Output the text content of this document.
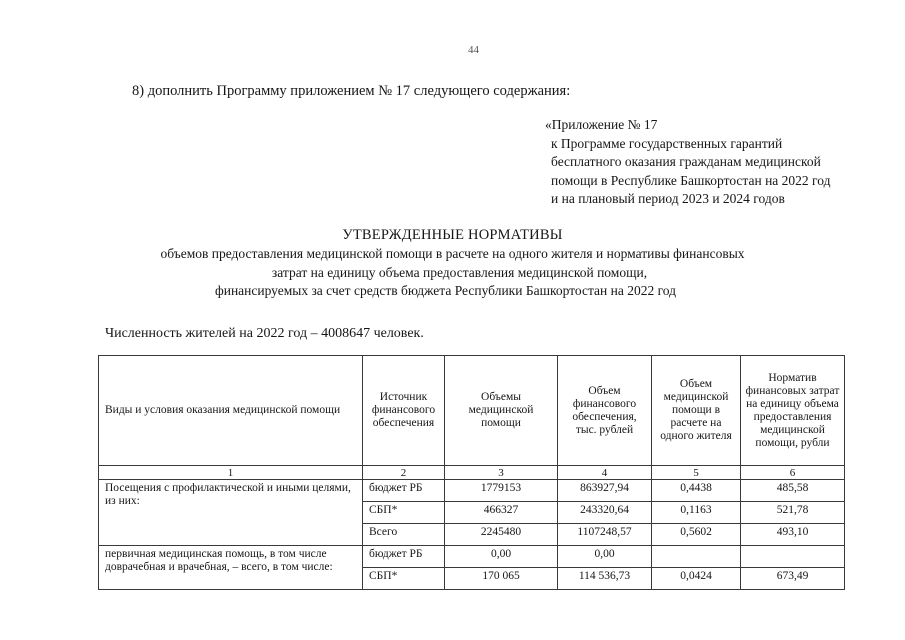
44
8) дополнить Программу приложением № 17 следующего содержания:
«Приложение № 17
к Программе государственных гарантий
бесплатного оказания гражданам медицинской
помощи в Республике Башкортостан на 2022 год
и на плановый период 2023 и 2024 годов
УТВЕРЖДЕННЫЕ НОРМАТИВЫ
объемов предоставления медицинской помощи в расчете на одного жителя и нормативы финансовых
затрат на единицу объема предоставления медицинской помощи,
финансируемых за счет средств бюджета Республики Башкортостан на 2022 год
Численность жителей на 2022 год – 4008647 человек.
Виды и условия оказания медицинской помощи	Источник финансового обеспечения	Объемы медицинской помощи	Объем финансового обеспечения, тыс. рублей	Объем медицинской помощи в расчете на одного жителя	Норматив финансовых затрат на единицу объема предоставления медицинской помощи, рубли
1	2	3	4	5	6
Посещения с профилактической и иными целями, из них:	бюджет РБ	1779153	863927,94	0,4438	485,58
	СБП*	466327	243320,64	0,1163	521,78
	Всего	2245480	1107248,57	0,5602	493,10
первичная медицинская помощь, в том числе доврачебная и врачебная, – всего, в том числе:	бюджет РБ	0,00	0,00		
	СБП*	170 065	114 536,73	0,0424	673,49
